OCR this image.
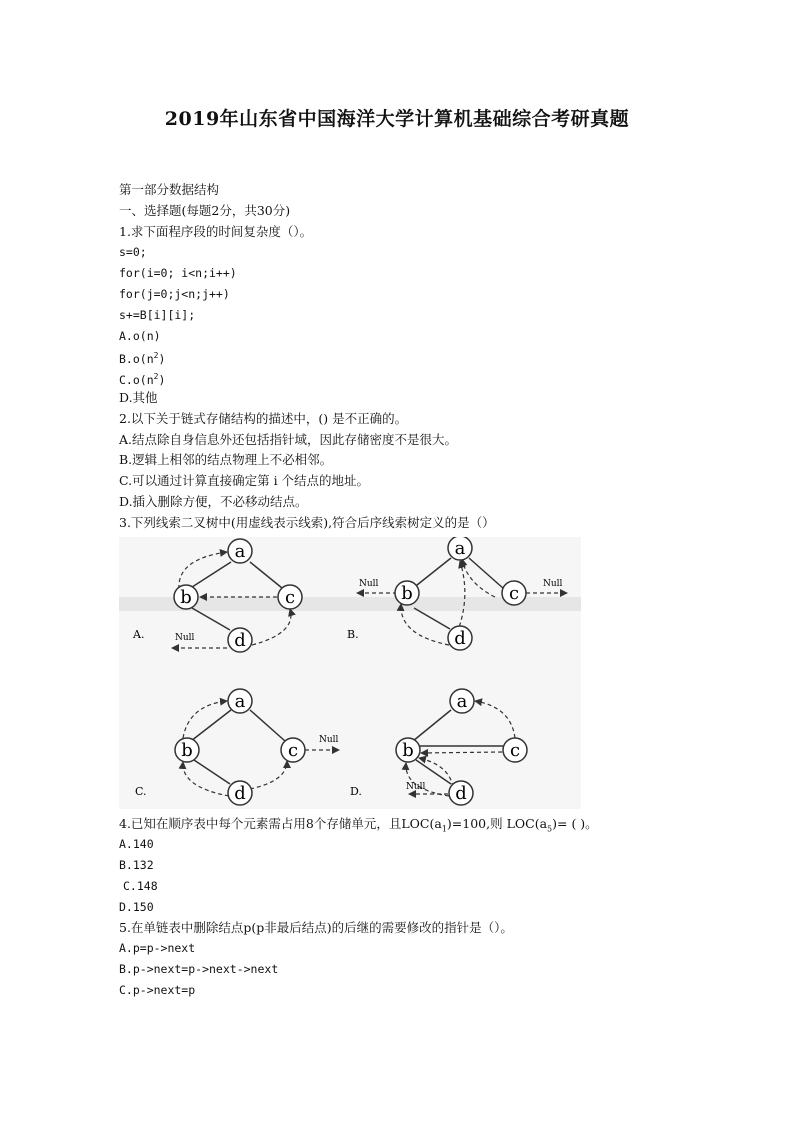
2019年山东省中国海洋大学计算机基础综合考研真题
第一部分数据结构
一、选择题(每题2分，共30分)
1.求下面程序段的时间复杂度（）。
s=0;
for(i=0; i<n;i++)
for(j=0;j<n;j++)
s+=B[i][i];
A.o(n)
$B.o(n^2)$
$C.o(n^2)$
D.其他
2.以下关于链式存储结构的描述中，() 是不正确的。
A.结点除自身信息外还包括指针域，因此存储密度不是很大。
B.逻辑上相邻的结点物理上不必相邻。
C.可以通过计算直接确定第 i 个结点的地址。
D.插入删除方便，不必移动结点。
3.下列线索二叉树中(用虚线表示线索),符合后序线索树定义的是（）
a
b	c
d
Null
A.
a
b	c
d
Null	Null
B.
a
b	c
d
Null
C.
a
b	c
d
Null
D.
4.已知在顺序表中每个元素需占用8个存储单元，且$LOC(a_1)=100$,则 $LOC(a_5)=$ ( )。
A.140
B.132
C.148
D.150
5.在单链表中删除结点p(p非最后结点)的后继的需要修改的指针是（）。
A.p=p->next
B.p->next=p->next->next
C.p->next=p
